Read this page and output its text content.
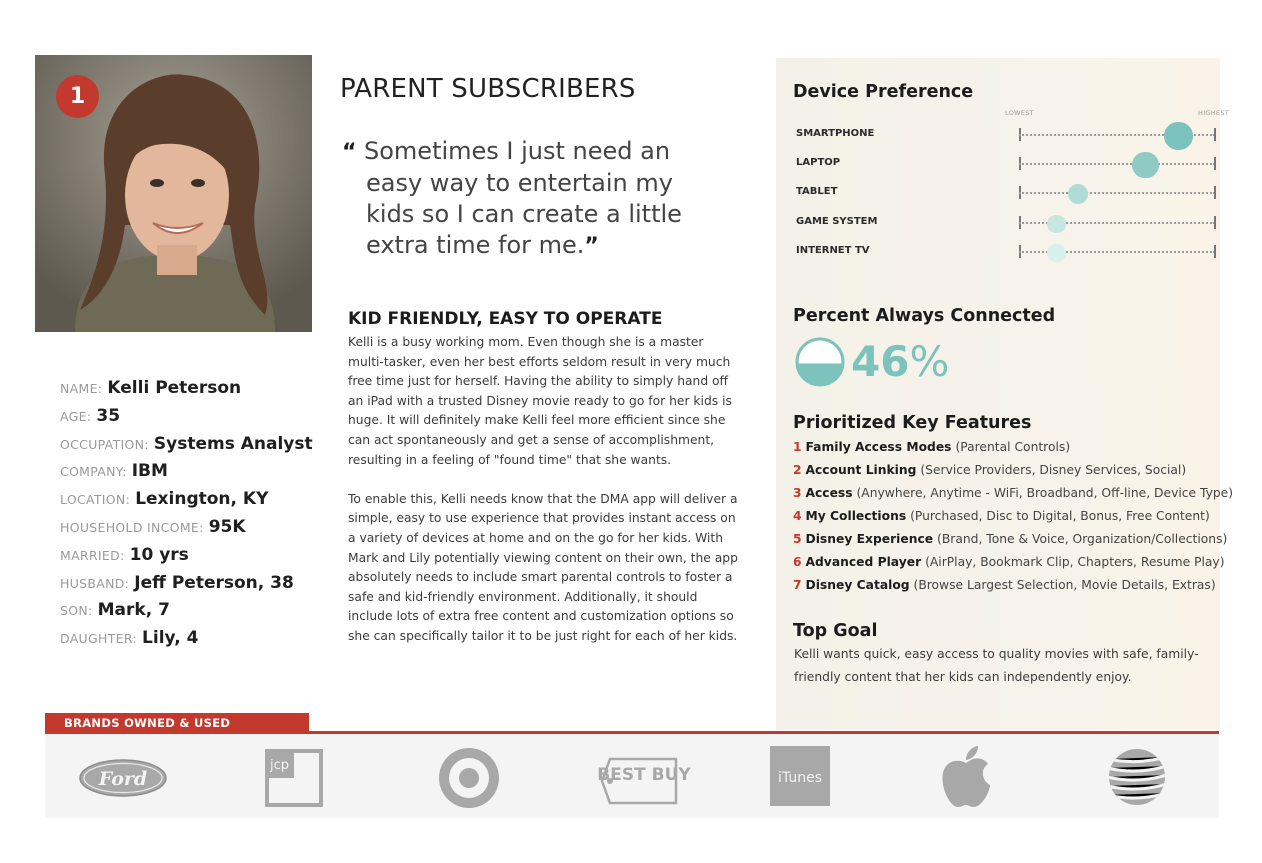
1
NAME: Kelli Peterson
AGE: 35
OCCUPATION: Systems Analyst
COMPANY: IBM
LOCATION: Lexington, KY
HOUSEHOLD INCOME: 95K
MARRIED: 10 yrs
HUSBAND: Jeff Peterson, 38
SON: Mark, 7
DAUGHTER: Lily, 4
PARENT SUBSCRIBERS
“ Sometimes I just need an easy way to entertain my kids so I can create a little extra time for me.”
KID FRIENDLY, EASY TO OPERATE

Kelli is a busy working mom. Even though she is a master multi-tasker, even her best efforts seldom result in very much free time just for herself. Having the ability to simply hand off an iPad with a trusted Disney movie ready to go for her kids is huge. It will definitely make Kelli feel more efficient since she can act spontaneously and get a sense of accomplishment, resulting in a feeling of "found time" that she wants.

To enable this, Kelli needs know that the DMA app will deliver a simple, easy to use experience that provides instant access on a variety of devices at home and on the go for her kids. With Mark and Lily potentially viewing content on their own, the app absolutely needs to include smart parental controls to foster a safe and kid-friendly environment. Additionally, it should include lots of extra free content and customization options so she can specifically tailor it to be just right for each of her kids.

Device Preference
LOWEST	HIGHEST
SMARTPHONE
LAPTOP
TABLET
GAME SYSTEM
INTERNET TV
Percent Always Connected
46%
Prioritized Key Features
1 Family Access Modes (Parental Controls)
2 Account Linking (Service Providers, Disney Services, Social)
3 Access (Anywhere, Anytime - WiFi, Broadband, Off-line, Device Type)
4 My Collections (Purchased, Disc to Digital, Bonus, Free Content)
5 Disney Experience (Brand, Tone & Voice, Organization/Collections)
6 Advanced Player (AirPlay, Bookmark Clip, Chapters, Resume Play)
7 Disney Catalog (Browse Largest Selection, Movie Details, Extras)
Top Goal
Kelli wants quick, easy access to quality movies with safe, family-friendly content that her kids can independently enjoy.
BRANDS OWNED & USED
Ford
jcp	BEST BUY	iTunes
